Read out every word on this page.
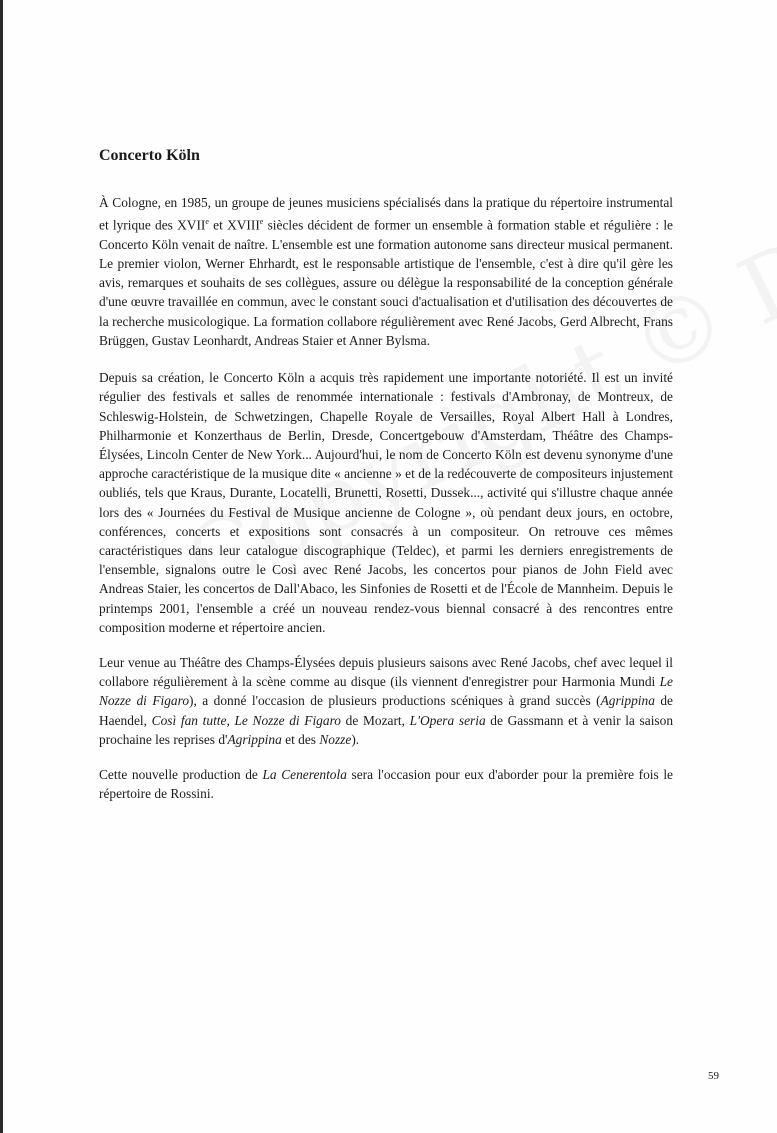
Concerto Köln

À Cologne, en 1985, un groupe de jeunes musiciens spécialisés dans la pratique du répertoire instrumental et lyrique des XVIIe et XVIIIe siècles décident de former un ensemble à formation stable et régulière : le Concerto Köln venait de naître. L'ensemble est une formation autonome sans directeur musical permanent. Le premier violon, Werner Ehrhardt, est le responsable artistique de l'ensemble, c'est à dire qu'il gère les avis, remarques et souhaits de ses collègues, assure ou délègue la responsabilité de la conception générale d'une œuvre travaillée en commun, avec le constant souci d'actualisation et d'utilisation des découvertes de la recherche musicologique. La formation collabore régulièrement avec René Jacobs, Gerd Albrecht, Frans Brüggen, Gustav Leonhardt, Andreas Staier et Anner Bylsma.

Depuis sa création, le Concerto Köln a acquis très rapidement une importante notoriété. Il est un invité régulier des festivals et salles de renommée internationale : festivals d'Ambronay, de Montreux, de Schleswig-Holstein, de Schwetzingen, Chapelle Royale de Versailles, Royal Albert Hall à Londres, Philharmonie et Konzerthaus de Berlin, Dresde, Concertgebouw d'Amsterdam, Théâtre des Champs-Élysées, Lincoln Center de New York... Aujourd'hui, le nom de Concerto Köln est devenu synonyme d'une approche caractéristique de la musique dite « ancienne » et de la redécouverte de compositeurs injustement oubliés, tels que Kraus, Durante, Locatelli, Brunetti, Rosetti, Dussek..., activité qui s'illustre chaque année lors des « Journées du Festival de Musique ancienne de Cologne », où pendant deux jours, en octobre, conférences, concerts et expositions sont consacrés à un compositeur. On retrouve ces mêmes caractéristiques dans leur catalogue discographique (Teldec), et parmi les derniers enregistrements de l'ensemble, signalons outre le Così avec René Jacobs, les concertos pour pianos de John Field avec Andreas Staier, les concertos de Dall'Abaco, les Sinfonies de Rosetti et de l'École de Mannheim. Depuis le printemps 2001, l'ensemble a créé un nouveau rendez-vous biennal consacré à des rencontres entre composition moderne et répertoire ancien.

Leur venue au Théâtre des Champs-Élysées depuis plusieurs saisons avec René Jacobs, chef avec lequel il collabore régulièrement à la scène comme au disque (ils viennent d'enregistrer pour Harmonia Mundi Le Nozze di Figaro), a donné l'occasion de plusieurs productions scéniques à grand succès (Agrippina de Haendel, Così fan tutte, Le Nozze di Figaro de Mozart, L'Opera seria de Gassmann et à venir la saison prochaine les reprises d'Agrippina et des Nozze).

Cette nouvelle production de La Cenerentola sera l'occasion pour eux d'aborder pour la première fois le répertoire de Rossini.

59
